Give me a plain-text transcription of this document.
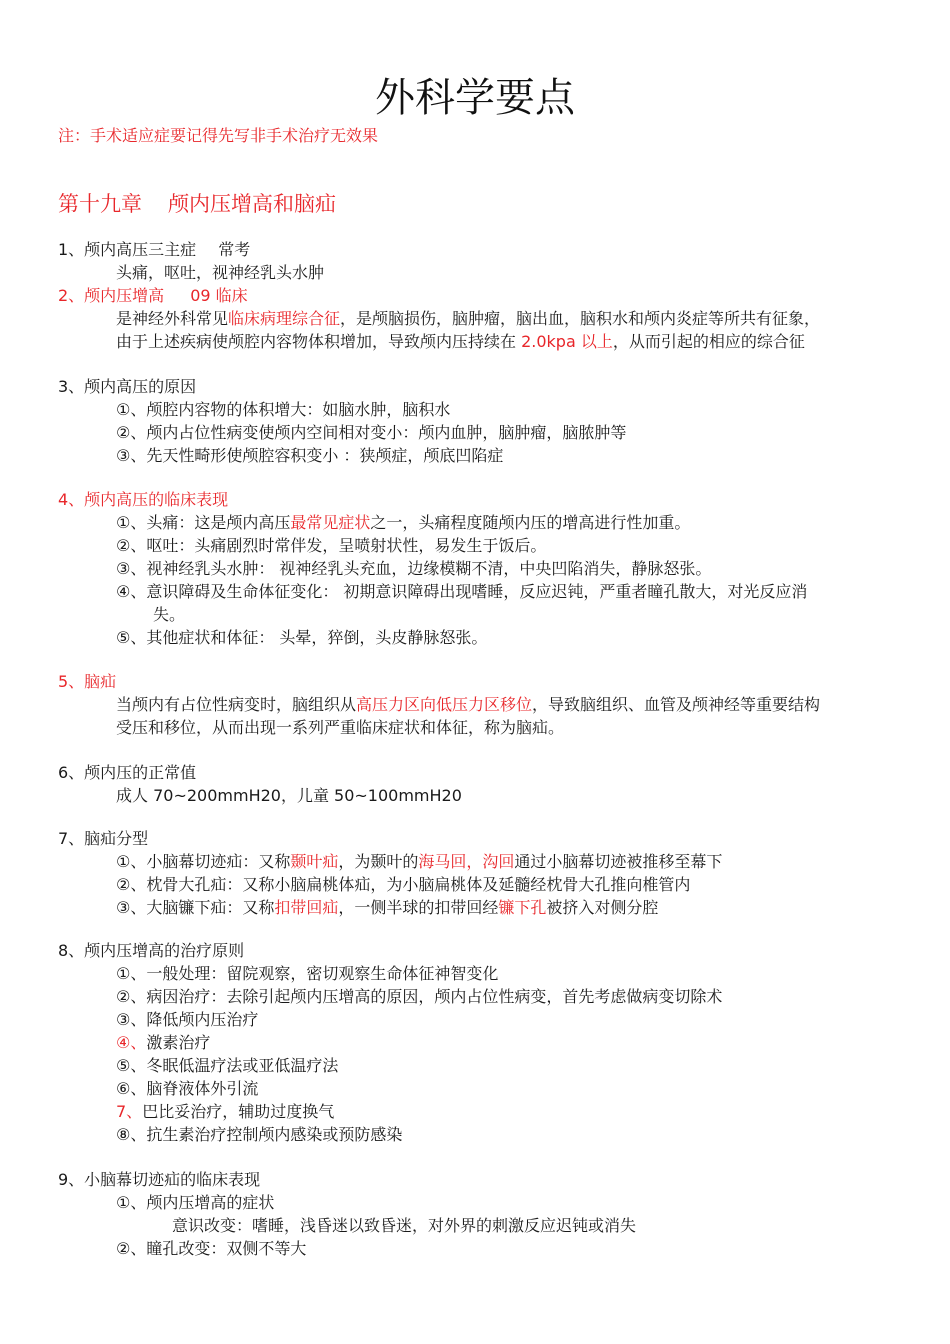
外科学要点
注：手术适应症要记得先写非手术治疗无效果
第十九章 颅内压增高和脑疝
1、颅内高压三主症 常考
头痛，呕吐，视神经乳头水肿
2、颅内压增高 09 临床
是神经外科常见临床病理综合征，是颅脑损伤，脑肿瘤，脑出血，脑积水和颅内炎症等所共有征象，
由于上述疾病使颅腔内容物体积增加，导致颅内压持续在 2.0kpa 以上，从而引起的相应的综合征
3、颅内高压的原因
①、颅腔内容物的体积增大：如脑水肿，脑积水
②、颅内占位性病变使颅内空间相对变小：颅内血肿，脑肿瘤，脑脓肿等
③、先天性畸形使颅腔容积变小 ：狭颅症，颅底凹陷症
4、颅内高压的临床表现
①、头痛：这是颅内高压最常见症状之一，头痛程度随颅内压的增高进行性加重。
②、呕吐：头痛剧烈时常伴发，呈喷射状性，易发生于饭后。
③、视神经乳头水肿： 视神经乳头充血，边缘模糊不清，中央凹陷消失，静脉怒张。
④、意识障碍及生命体征变化： 初期意识障碍出现嗜睡，反应迟钝，严重者瞳孔散大，对光反应消
失。
⑤、其他症状和体征： 头晕，猝倒，头皮静脉怒张。
5、脑疝
当颅内有占位性病变时，脑组织从高压力区向低压力区移位，导致脑组织、血管及颅神经等重要结构
受压和移位，从而出现一系列严重临床症状和体征，称为脑疝。
6、颅内压的正常值
成人 70~200mmH20，儿童 50~100mmH20
7、脑疝分型
①、小脑幕切迹疝：又称颞叶疝，为颞叶的海马回，沟回通过小脑幕切迹被推移至幕下
②、枕骨大孔疝：又称小脑扁桃体疝，为小脑扁桃体及延髓经枕骨大孔推向椎管内
③、大脑镰下疝：又称扣带回疝，一侧半球的扣带回经镰下孔被挤入对侧分腔
8、颅内压增高的治疗原则
①、一般处理：留院观察，密切观察生命体征神智变化
②、病因治疗：去除引起颅内压增高的原因，颅内占位性病变，首先考虑做病变切除术
③、降低颅内压治疗
④、激素治疗
⑤、冬眠低温疗法或亚低温疗法
⑥、脑脊液体外引流
7、巴比妥治疗，辅助过度换气
⑧、抗生素治疗控制颅内感染或预防感染
9、小脑幕切迹疝的临床表现
①、颅内压增高的症状
意识改变：嗜睡，浅昏迷以致昏迷，对外界的刺激反应迟钝或消失
②、瞳孔改变：双侧不等大
